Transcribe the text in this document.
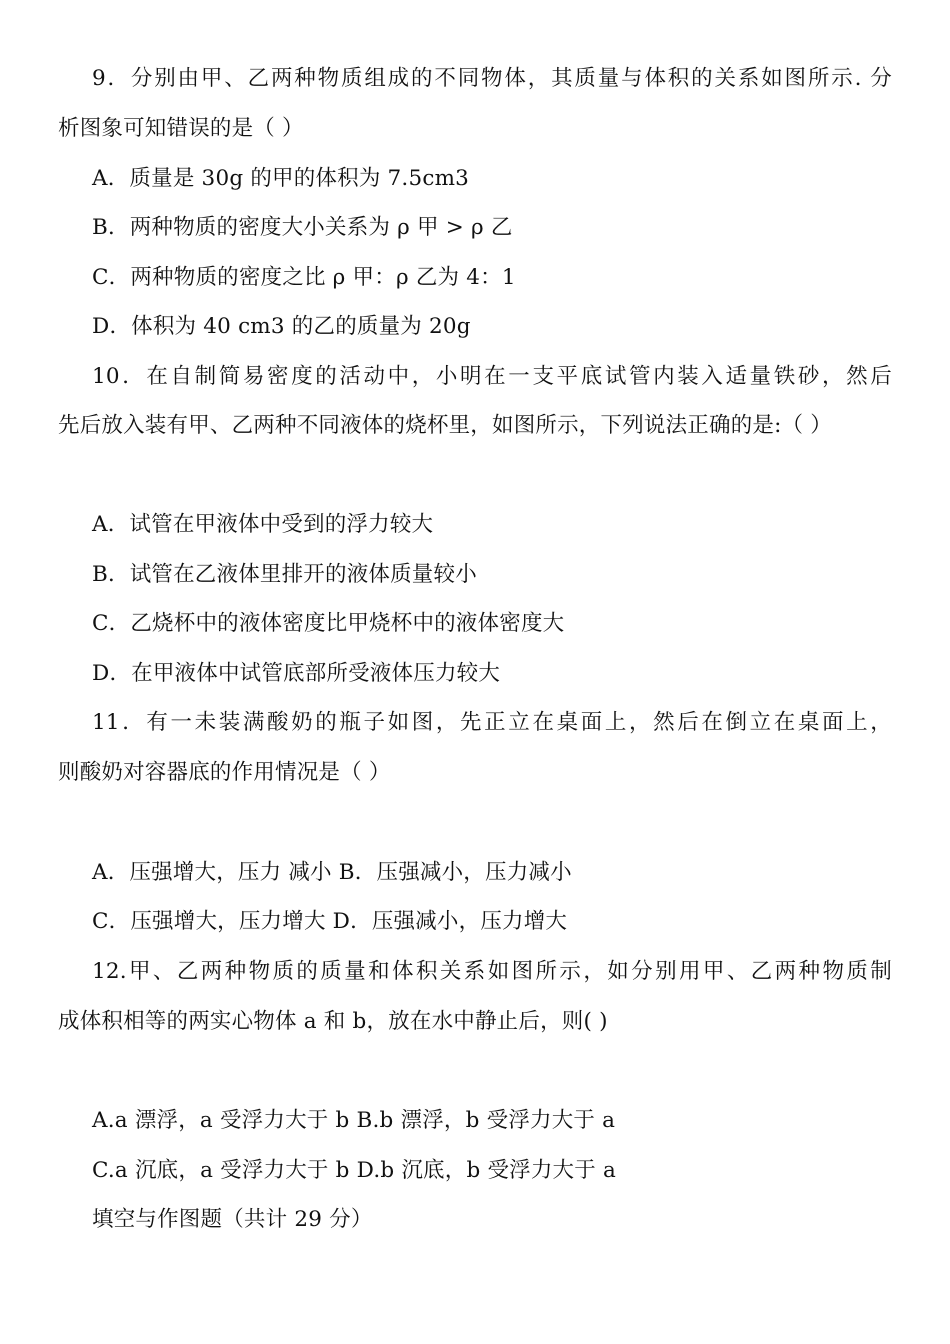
9．分别由甲、乙两种物质组成的不同物体，其质量与体积的关系如图所示. 分
析图象可知错误的是（ ）
A．质量是 30g 的甲的体积为 7.5cm3
B．两种物质的密度大小关系为 ρ 甲 > ρ 乙
C．两种物质的密度之比 ρ 甲：ρ 乙为 4：1
D．体积为 40 cm3 的乙的质量为 20g
10．在自制简易密度的活动中，小明在一支平底试管内装入适量铁砂，然后
先后放入装有甲、乙两种不同液体的烧杯里，如图所示，下列说法正确的是:（ ）
A．试管在甲液体中受到的浮力较大
B．试管在乙液体里排开的液体质量较小
C．乙烧杯中的液体密度比甲烧杯中的液体密度大
D．在甲液体中试管底部所受液体压力较大
11．有一未装满酸奶的瓶子如图，先正立在桌面上，然后在倒立在桌面上，
则酸奶对容器底的作用情况是（ ）
A．压强增大，压力 减小 B．压强减小，压力减小
C．压强增大，压力增大 D．压强减小，压力增大
12.甲、乙两种物质的质量和体积关系如图所示，如分别用甲、乙两种物质制
成体积相等的两实心物体 a 和 b，放在水中静止后，则( )
A.a 漂浮，a 受浮力大于 b B.b 漂浮，b 受浮力大于 a
C.a 沉底，a 受浮力大于 b D.b 沉底，b 受浮力大于 a
填空与作图题（共计 29 分）
